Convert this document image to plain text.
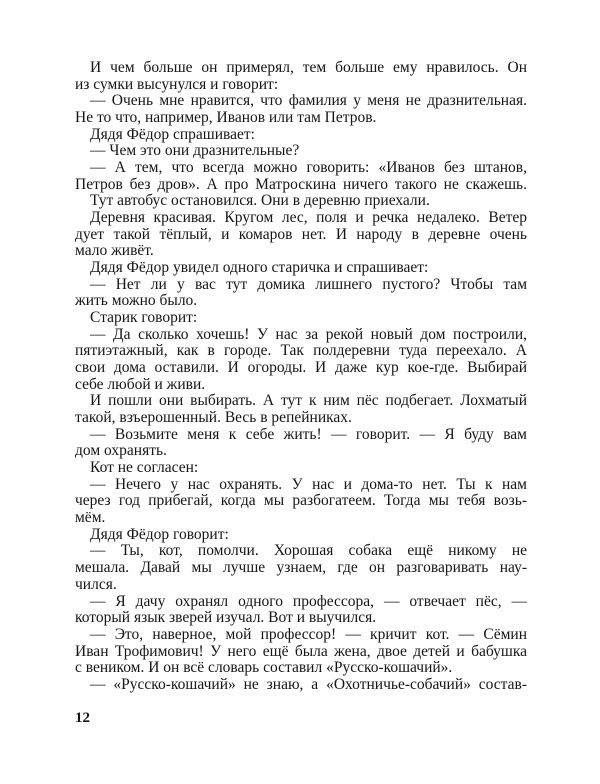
И чем больше он примерял, тем больше ему нравилось. Он
из сумки высунулся и говорит:
— Очень мне нравится, что фамилия у меня не дразнительная.
Не то что, например, Иванов или там Петров.
Дядя Фёдор спрашивает:
— Чем это они дразнительные?
— А тем, что всегда можно говорить: «Иванов без штанов,
Петров без дров». А про Матроскина ничего такого не скажешь.
Тут автобус остановился. Они в деревню приехали.
Деревня красивая. Кругом лес, поля и речка недалеко. Ветер
дует такой тёплый, и комаров нет. И народу в деревне очень
мало живёт.
Дядя Фёдор увидел одного старичка и спрашивает:
— Нет ли у вас тут домика лишнего пустого? Чтобы там
жить можно было.
Старик говорит:
— Да сколько хочешь! У нас за рекой новый дом построили,
пятиэтажный, как в городе. Так полдеревни туда переехало. А
свои дома оставили. И огороды. И даже кур кое-где. Выбирай
себе любой и живи.
И пошли они выбирать. А тут к ним пёс подбегает. Лохматый
такой, взъерошенный. Весь в репейниках.
— Возьмите меня к себе жить! — говорит. — Я буду вам
дом охранять.
Кот не согласен:
— Нечего у нас охранять. У нас и дома-то нет. Ты к нам
через год прибегай, когда мы разбогатеем. Тогда мы тебя возь-
мём.
Дядя Фёдор говорит:
— Ты, кот, помолчи. Хорошая собака ещё никому не
мешала. Давай мы лучше узнаем, где он разговаривать нау-
чился.
— Я дачу охранял одного профессора, — отвечает пёс, —
который язык зверей изучал. Вот и выучился.
— Это, наверное, мой профессор! — кричит кот. — Сёмин
Иван Трофимович! У него ещё была жена, двое детей и бабушка
с веником. И он всё словарь составил «Русско-кошачий».
— «Русско-кошачий» не знаю, а «Охотничье-собачий» состав-
12
